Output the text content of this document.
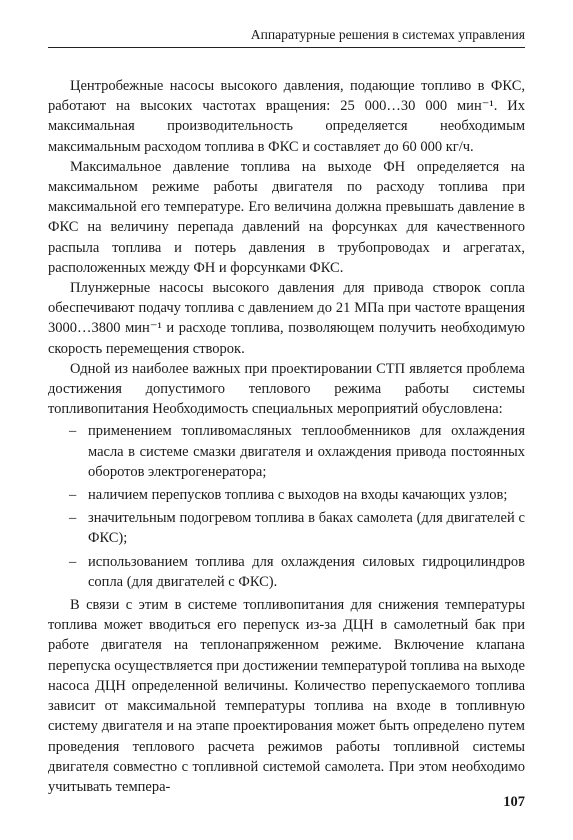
Аппаратурные решения в системах управления

Центробежные насосы высокого давления, подающие топливо в ФКС, работают на высоких частотах вращения: 25 000…30 000 мин⁻¹. Их максимальная производительность определяется необходимым максимальным расходом топлива в ФКС и составляет до 60 000 кг/ч.

Максимальное давление топлива на выходе ФН определяется на максимальном режиме работы двигателя по расходу топлива при максимальной его температуре. Его величина должна превышать давление в ФКС на величину перепада давлений на форсунках для качественного распыла топлива и потерь давления в трубопроводах и агрегатах, расположенных между ФН и форсунками ФКС.

Плунжерные насосы высокого давления для привода створок сопла обеспечивают подачу топлива с давлением до 21 МПа при частоте вращения 3000…3800 мин⁻¹ и расходе топлива, позволяющем получить необходимую скорость перемещения створок.

Одной из наиболее важных при проектировании СТП является проблема достижения допустимого теплового режима работы системы топливопитания Необходимость специальных мероприятий обусловлена:

– применением топливомасляных теплообменников для охлаждения масла в системе смазки двигателя и охлаждения привода постоянных оборотов электрогенератора;
– наличием перепусков топлива с выходов на входы качающих узлов;
– значительным подогревом топлива в баках самолета (для двигателей с ФКС);
– использованием топлива для охлаждения силовых гидроцилиндров сопла (для двигателей с ФКС).

В связи с этим в системе топливопитания для снижения температуры топлива может вводиться его перепуск из-за ДЦН в самолетный бак при работе двигателя на теплонапряженном режиме. Включение клапана перепуска осуществляется при достижении температурой топлива на выходе насоса ДЦН определенной величины. Количество перепускаемого топлива зависит от максимальной температуры топлива на входе в топливную систему двигателя и на этапе проектирования может быть определено путем проведения теплового расчета режимов работы топливной системы двигателя совместно с топливной системой самолета. При этом необходимо учитывать темпера-

107
